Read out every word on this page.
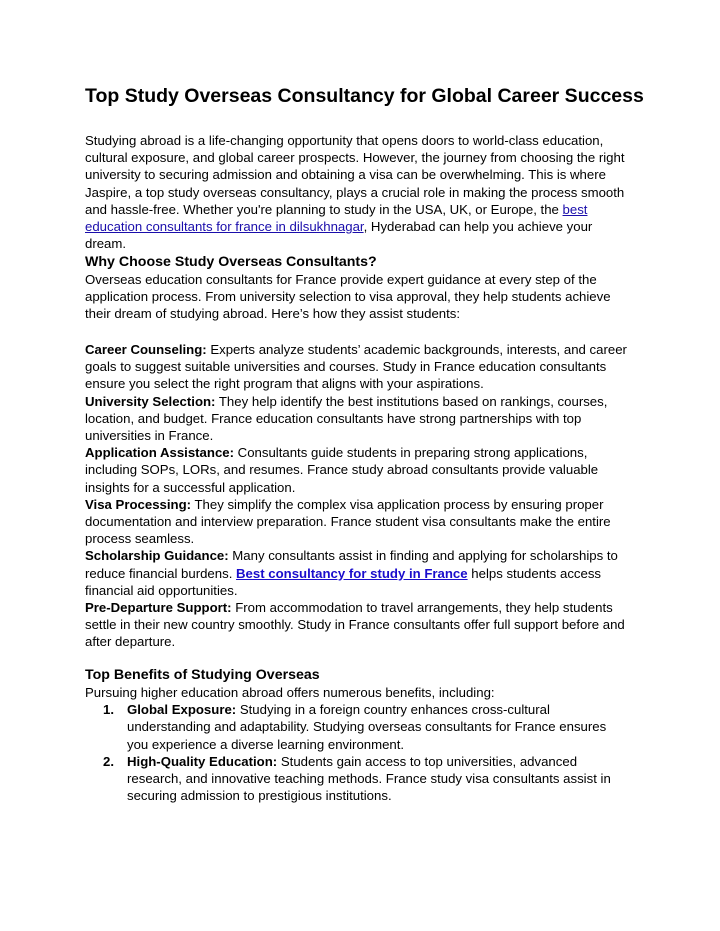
Top Study Overseas Consultancy for Global Career Success

Studying abroad is a life-changing opportunity that opens doors to world-class education, cultural exposure, and global career prospects. However, the journey from choosing the right university to securing admission and obtaining a visa can be overwhelming. This is where Jaspire, a top study overseas consultancy, plays a crucial role in making the process smooth and hassle-free. Whether you're planning to study in the USA, UK, or Europe, the best education consultants for france in dilsukhnagar, Hyderabad can help you achieve your dream.

Why Choose Study Overseas Consultants?

Overseas education consultants for France provide expert guidance at every step of the application process. From university selection to visa approval, they help students achieve their dream of studying abroad. Here’s how they assist students:

Career Counseling: Experts analyze students’ academic backgrounds, interests, and career goals to suggest suitable universities and courses. Study in France education consultants ensure you select the right program that aligns with your aspirations.

University Selection: They help identify the best institutions based on rankings, courses, location, and budget. France education consultants have strong partnerships with top universities in France.

Application Assistance: Consultants guide students in preparing strong applications, including SOPs, LORs, and resumes. France study abroad consultants provide valuable insights for a successful application.

Visa Processing: They simplify the complex visa application process by ensuring proper documentation and interview preparation. France student visa consultants make the entire process seamless.

Scholarship Guidance: Many consultants assist in finding and applying for scholarships to reduce financial burdens. Best consultancy for study in France helps students access financial aid opportunities.

Pre-Departure Support: From accommodation to travel arrangements, they help students settle in their new country smoothly. Study in France consultants offer full support before and after departure.

Top Benefits of Studying Overseas

Pursuing higher education abroad offers numerous benefits, including:

1. Global Exposure: Studying in a foreign country enhances cross-cultural understanding and adaptability. Studying overseas consultants for France ensures you experience a diverse learning environment.
2. High-Quality Education: Students gain access to top universities, advanced research, and innovative teaching methods. France study visa consultants assist in securing admission to prestigious institutions.
